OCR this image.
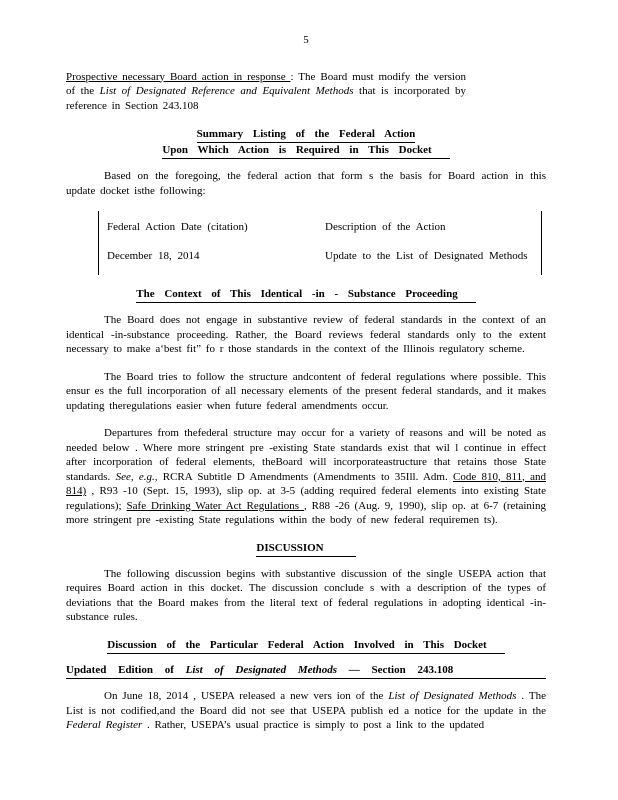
5

Prospective necessary Board action in response : The Board must modify the version of the List of Designated Reference and Equivalent Methods that is incorporated by reference in Section 243.108

Summary Listing of the Federal Action
Upon Which Action is Required in This Docket

Based on the foregoing, the federal action that form s the basis for Board action in this update docket isthe following:

Federal Action Date (citation)	Description of the Action
December 18, 2014	Update to the List of Designated Methods
The Context of This Identical -in - Substance Proceeding

The Board does not engage in substantive review of federal standards in the context of an identical -in-substance proceeding. Rather, the Board reviews federal standards only to the extent necessary to make a‘best fit” fo r those standards in the context of the Illinois regulatory scheme.

The Board tries to follow the structure andcontent of federal regulations where possible. This ensur es the full incorporation of all necessary elements of the present federal standards, and it makes updating theregulations easier when future federal amendments occur.

Departures from thefederal structure may occur for a variety of reasons and will be noted as needed below . Where more stringent pre -existing State standards exist that wil l continue in effect after incorporation of federal elements, theBoard will incorporateastructure that retains those State standards. See, e.g., RCRA Subtitle D Amendments (Amendments to 35Ill. Adm. Code 810, 811, and 814) , R93 -10 (Sept. 15, 1993), slip op. at 3-5 (adding required federal elements into existing State regulations); Safe Drinking Water Act Regulations , R88 -26 (Aug. 9, 1990), slip op. at 6-7 (retaining more stringent pre -existing State regulations within the body of new federal requiremen ts).

DISCUSSION

The following discussion begins with substantive discussion of the single USEPA action that requires Board action in this docket. The discussion conclude s with a description of the types of deviations that the Board makes from the literal text of federal regulations in adopting identical -in- substance rules.

Discussion of the Particular Federal Action Involved in This Docket
Updated Edition of List of Designated Methods — Section 243.108

On June 18, 2014 , USEPA released a new vers ion of the List of Designated Methods . The List is not codified,and the Board did not see that USEPA publish ed a notice for the update in the Federal Register . Rather, USEPA’s usual practice is simply to post a link to the updated
